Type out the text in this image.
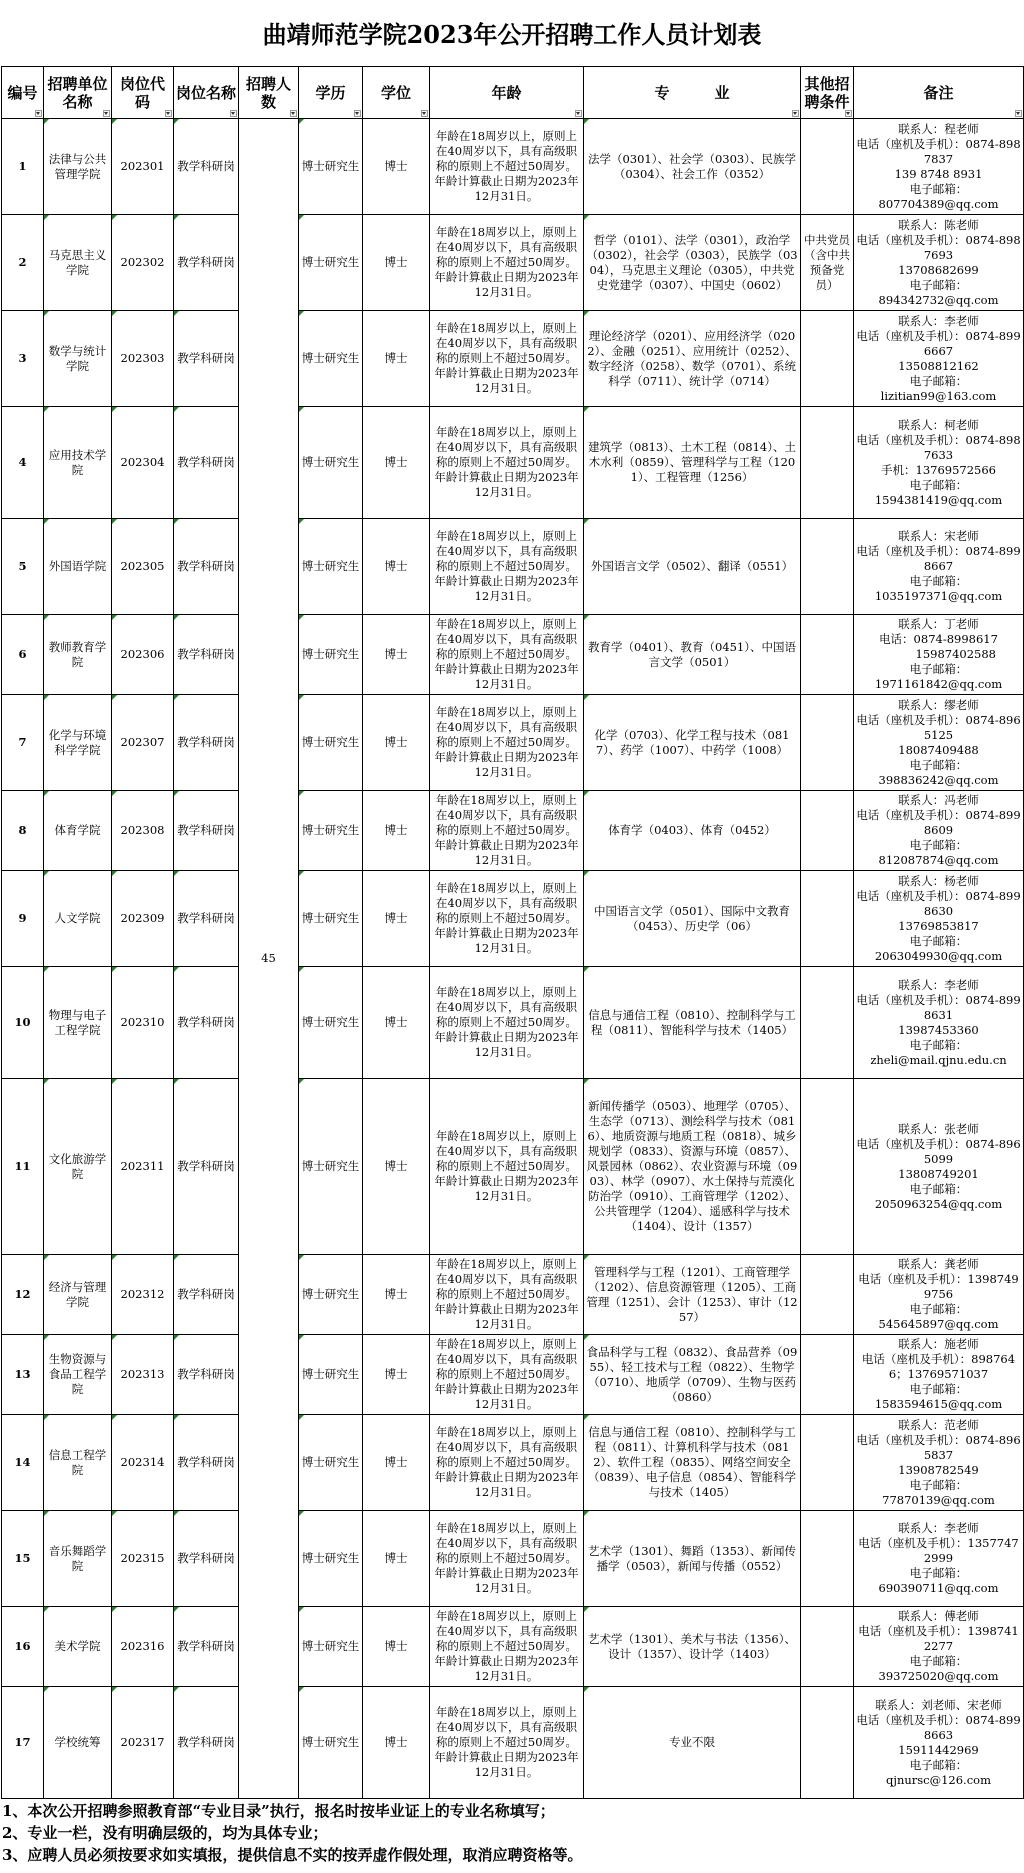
曲靖师范学院2023年公开招聘工作人员计划表
编号	招聘单位名称	岗位代码	岗位名称	招聘人数	学历	学位	年龄	专　　　业	其他招聘条件	备注

1	法律与公共管理学院	202301	教学科研岗	45	博士研究生	博士	年龄在18周岁以上，原则上在40周岁以下，具有高级职称的原则上不超过50周岁。年龄计算截止日期为2023年12月31日。	法学（0301）、社会学（0303）、民族学（0304）、社会工作（0352）		联系人：程老师
电话（座机及手机）：0874-8987837
139 8748 8931
电子邮箱：
807704389@qq.com
2	马克思主义学院	202302	教学科研岗		博士研究生	博士	年龄在18周岁以上，原则上在40周岁以下，具有高级职称的原则上不超过50周岁。年龄计算截止日期为2023年12月31日。	哲学（0101）、法学（0301），政治学（0302），社会学（0303），民族学（0304），马克思主义理论（0305），中共党史党建学（0307）、中国史（0602）	中共党员（含中共预备党员）	联系人：陈老师
电话（座机及手机）：0874-8987693
13708682699
电子邮箱：
894342732@qq.com
3	数学与统计学院	202303	教学科研岗		博士研究生	博士	年龄在18周岁以上，原则上在40周岁以下，具有高级职称的原则上不超过50周岁。年龄计算截止日期为2023年12月31日。	理论经济学（0201）、应用经济学（0202）、金融（0251）、应用统计（0252）、数字经济（0258）、数学（0701）、系统科学（0711）、统计学（0714）		联系人：李老师
电话（座机及手机）：0874-8996667
13508812162
电子邮箱：
lizitian99@163.com
4	应用技术学院	202304	教学科研岗		博士研究生	博士	年龄在18周岁以上，原则上在40周岁以下，具有高级职称的原则上不超过50周岁。年龄计算截止日期为2023年12月31日。	建筑学（0813）、土木工程（0814）、土木水利（0859）、管理科学与工程（1201）、工程管理（1256）		联系人：柯老师
电话（座机及手机）：0874-8987633
手机：13769572566
电子邮箱：
1594381419@qq.com
5	外国语学院	202305	教学科研岗		博士研究生	博士	年龄在18周岁以上，原则上在40周岁以下，具有高级职称的原则上不超过50周岁。年龄计算截止日期为2023年12月31日。	外国语言文学（0502）、翻译（0551）		联系人：宋老师
电话（座机及手机）：0874-8998667
电子邮箱：
1035197371@qq.com
6	教师教育学院	202306	教学科研岗		博士研究生	博士	年龄在18周岁以上，原则上在40周岁以下，具有高级职称的原则上不超过50周岁。年龄计算截止日期为2023年12月31日。	教育学（0401）、教育（0451）、中国语言文学（0501）		联系人：丁老师
电话：0874-8998617
　　　15987402588
电子邮箱：
1971161842@qq.com
7	化学与环境科学学院	202307	教学科研岗		博士研究生	博士	年龄在18周岁以上，原则上在40周岁以下，具有高级职称的原则上不超过50周岁。年龄计算截止日期为2023年12月31日。	化学（0703）、化学工程与技术（0817）、药学（1007）、中药学（1008）		联系人：缪老师
电话（座机及手机）：0874-8965125
18087409488
电子邮箱：
398836242@qq.com
8	体育学院	202308	教学科研岗		博士研究生	博士	年龄在18周岁以上，原则上在40周岁以下，具有高级职称的原则上不超过50周岁。年龄计算截止日期为2023年12月31日。	体育学（0403）、体育（0452）		联系人：冯老师
电话（座机及手机）：0874-8998609
电子邮箱：
812087874@qq.com
9	人文学院	202309	教学科研岗		博士研究生	博士	年龄在18周岁以上，原则上在40周岁以下，具有高级职称的原则上不超过50周岁。年龄计算截止日期为2023年12月31日。	中国语言文学（0501）、国际中文教育（0453）、历史学（06）		联系人：杨老师
电话（座机及手机）：0874-8998630
13769853817
电子邮箱：
2063049930@qq.com
10	物理与电子工程学院	202310	教学科研岗		博士研究生	博士	年龄在18周岁以上，原则上在40周岁以下，具有高级职称的原则上不超过50周岁。年龄计算截止日期为2023年12月31日。	信息与通信工程（0810）、控制科学与工程（0811）、智能科学与技术（1405）		联系人：李老师
电话（座机及手机）：0874-8998631
13987453360
电子邮箱：
zheli@mail.qjnu.edu.cn
11	文化旅游学院	202311	教学科研岗		博士研究生	博士	年龄在18周岁以上，原则上在40周岁以下，具有高级职称的原则上不超过50周岁。年龄计算截止日期为2023年12月31日。	新闻传播学（0503）、地理学（0705）、生态学（0713）、测绘科学与技术（0816）、地质资源与地质工程（0818）、城乡规划学（0833）、资源与环境（0857）、风景园林（0862）、农业资源与环境（0903）、林学（0907）、水土保持与荒漠化防治学（0910）、工商管理学（1202）、公共管理学（1204）、遥感科学与技术（1404）、设计（1357）		联系人：张老师
电话（座机及手机）：0874-8965099
13808749201
电子邮箱：
2050963254@qq.com
12	经济与管理学院	202312	教学科研岗		博士研究生	博士	年龄在18周岁以上，原则上在40周岁以下，具有高级职称的原则上不超过50周岁。年龄计算截止日期为2023年12月31日。	管理科学与工程（1201）、工商管理学（1202）、信息资源管理（1205）、工商管理（1251）、会计（1253）、审计（1257）		联系人：龚老师
电话（座机及手机）：13987499756
电子邮箱：
545645897@qq.com
13	生物资源与食品工程学院	202313	教学科研岗		博士研究生	博士	年龄在18周岁以上，原则上在40周岁以下，具有高级职称的原则上不超过50周岁。年龄计算截止日期为2023年12月31日。	食品科学与工程（0832）、食品营养（0955）、轻工技术与工程（0822）、生物学（0710）、地质学（0709）、生物与医药（0860）		联系人：施老师
电话（座机及手机）：8987646；13769571037
电子邮箱：
1583594615@qq.com
14	信息工程学院	202314	教学科研岗		博士研究生	博士	年龄在18周岁以上，原则上在40周岁以下，具有高级职称的原则上不超过50周岁。年龄计算截止日期为2023年12月31日。	信息与通信工程（0810）、控制科学与工程（0811）、计算机科学与技术（0812）、软件工程（0835）、网络空间安全（0839）、电子信息（0854）、智能科学与技术（1405）		联系人：范老师
电话（座机及手机）：0874-8965837
13908782549
电子邮箱：
77870139@qq.com
15	音乐舞蹈学院	202315	教学科研岗		博士研究生	博士	年龄在18周岁以上，原则上在40周岁以下，具有高级职称的原则上不超过50周岁。年龄计算截止日期为2023年12月31日。	艺术学（1301）、舞蹈（1353）、新闻传播学（0503），新闻与传播（0552）		联系人：李老师
电话（座机及手机）：13577472999
电子邮箱：
690390711@qq.com
16	美术学院	202316	教学科研岗		博士研究生	博士	年龄在18周岁以上，原则上在40周岁以下，具有高级职称的原则上不超过50周岁。年龄计算截止日期为2023年12月31日。	艺术学（1301）、美术与书法（1356）、设计（1357）、设计学（1403）		联系人：傅老师
电话（座机及手机）：13987412277
电子邮箱：
393725020@qq.com
17	学校统筹	202317	教学科研岗		博士研究生	博士	年龄在18周岁以上，原则上在40周岁以下，具有高级职称的原则上不超过50周岁。年龄计算截止日期为2023年12月31日。	专业不限		联系人：刘老师、宋老师
电话（座机及手机）：0874-8998663
15911442969
电子邮箱：
qjnursc@126.com
1、本次公开招聘参照教育部“专业目录”执行，报名时按毕业证上的专业名称填写；
2、专业一栏，没有明确层级的，均为具体专业；
3、应聘人员必须按要求如实填报，提供信息不实的按弄虚作假处理，取消应聘资格等。
